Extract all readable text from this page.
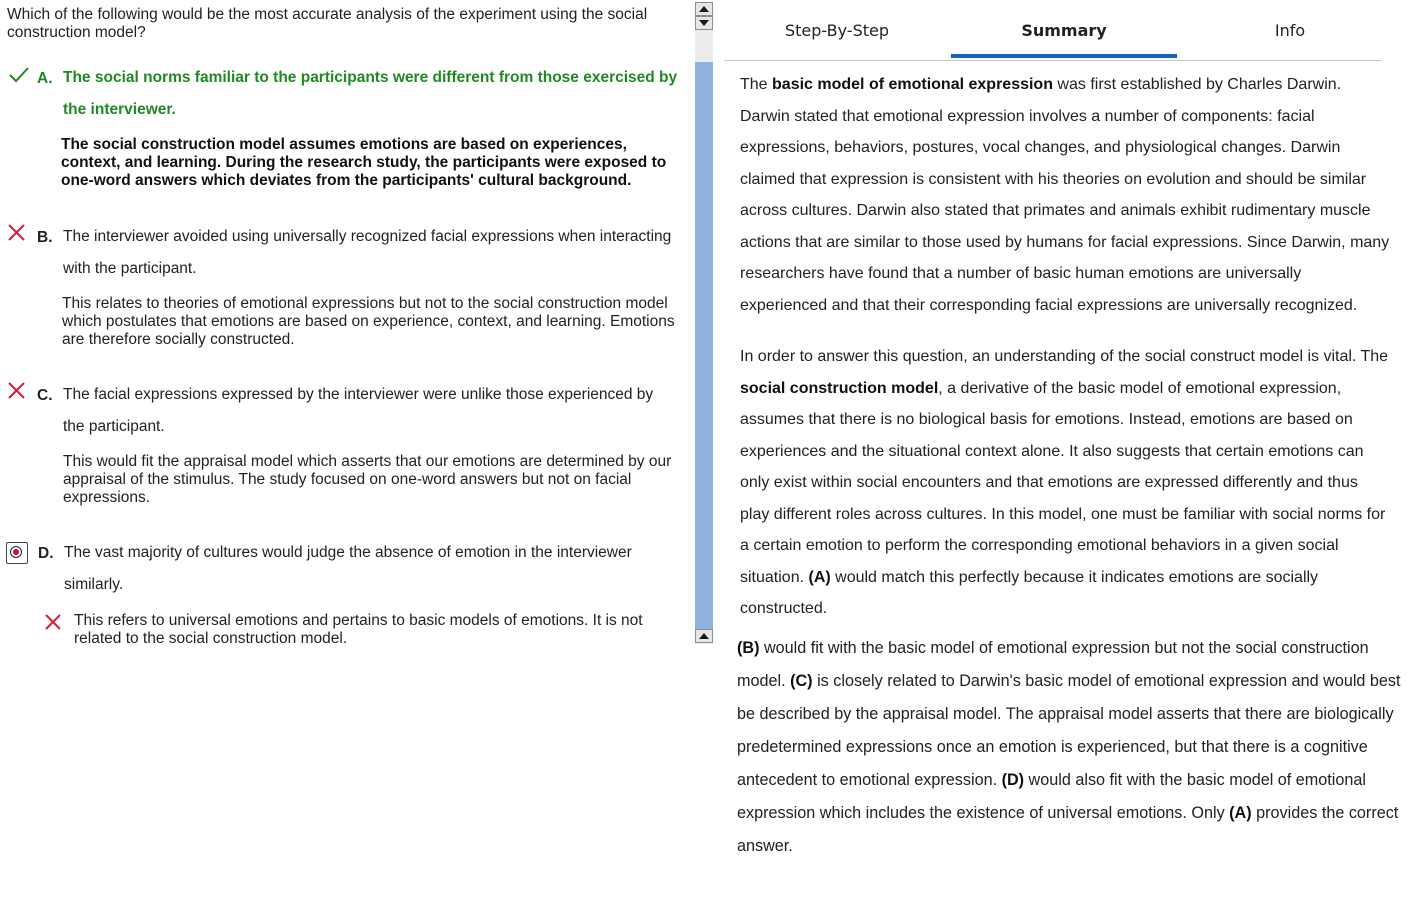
Which of the following would be the most accurate analysis of the experiment using the social construction model?
A. The social norms familiar to the participants were different from those exercised by the interviewer.
The social construction model assumes emotions are based on experiences, context, and learning. During the research study, the participants were exposed to one-word answers which deviates from the participants' cultural background.
B. The interviewer avoided using universally recognized facial expressions when interacting with the participant.
This relates to theories of emotional expressions but not to the social construction model which postulates that emotions are based on experience, context, and learning. Emotions are therefore socially constructed.
C. The facial expressions expressed by the interviewer were unlike those experienced by the participant.
This would fit the appraisal model which asserts that our emotions are determined by our appraisal of the stimulus. The study focused on one-word answers but not on facial expressions.
D. The vast majority of cultures would judge the absence of emotion in the interviewer similarly.
This refers to universal emotions and pertains to basic models of emotions. It is not related to the social construction model.
Step-By-Step	Summary	Info
The basic model of emotional expression was first established by Charles Darwin. Darwin stated that emotional expression involves a number of components: facial expressions, behaviors, postures, vocal changes, and physiological changes. Darwin claimed that expression is consistent with his theories on evolution and should be similar across cultures. Darwin also stated that primates and animals exhibit rudimentary muscle actions that are similar to those used by humans for facial expressions. Since Darwin, many researchers have found that a number of basic human emotions are universally experienced and that their corresponding facial expressions are universally recognized.
In order to answer this question, an understanding of the social construct model is vital. The social construction model, a derivative of the basic model of emotional expression, assumes that there is no biological basis for emotions. Instead, emotions are based on experiences and the situational context alone. It also suggests that certain emotions can only exist within social encounters and that emotions are expressed differently and thus play different roles across cultures. In this model, one must be familiar with social norms for a certain emotion to perform the corresponding emotional behaviors in a given social situation. (A) would match this perfectly because it indicates emotions are socially constructed.
(B) would fit with the basic model of emotional expression but not the social construction model. (C) is closely related to Darwin's basic model of emotional expression and would best be described by the appraisal model. The appraisal model asserts that there are biologically predetermined expressions once an emotion is experienced, but that there is a cognitive antecedent to emotional expression. (D) would also fit with the basic model of emotional expression which includes the existence of universal emotions. Only (A) provides the correct answer.
